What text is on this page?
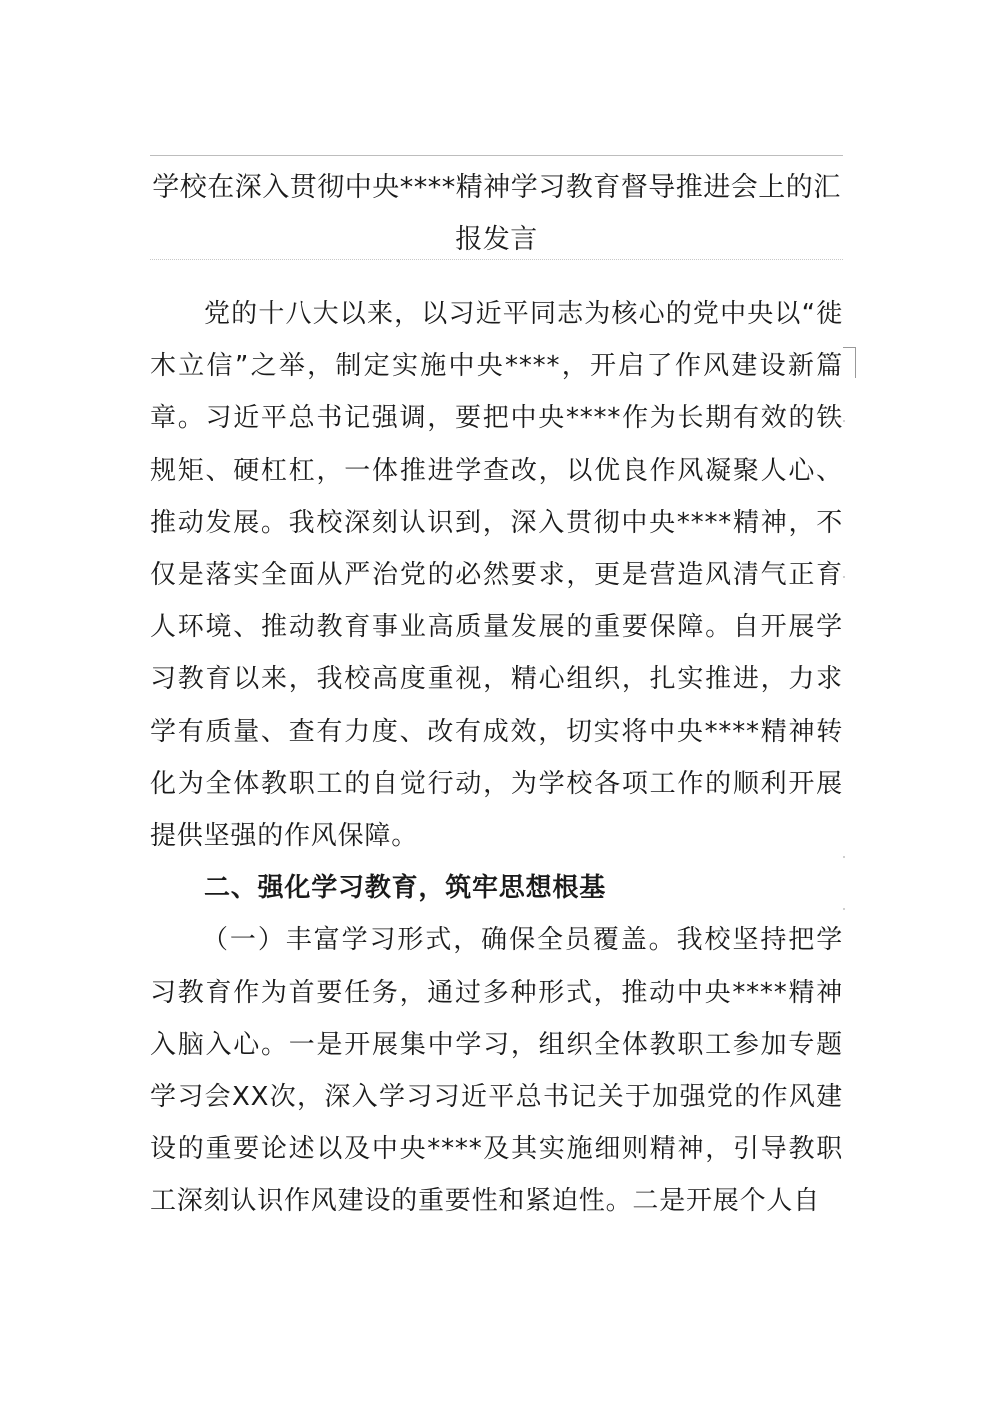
学校在深入贯彻中央****精神学习教育督导推进会上的汇报发言

党的十八大以来，以习近平同志为核心的党中央以“徙木立信”之举，制定实施中央****，开启了作风建设新篇章。习近平总书记强调，要把中央****作为长期有效的铁规矩、硬杠杠，一体推进学查改，以优良作风凝聚人心、推动发展。我校深刻认识到，深入贯彻中央****精神，不仅是落实全面从严治党的必然要求，更是营造风清气正育人环境、推动教育事业高质量发展的重要保障。自开展学习教育以来，我校高度重视，精心组织，扎实推进，力求学有质量、查有力度、改有成效，切实将中央****精神转化为全体教职工的自觉行动，为学校各项工作的顺利开展提供坚强的作风保障。

二、强化学习教育，筑牢思想根基

（一）丰富学习形式，确保全员覆盖。我校坚持把学习教育作为首要任务，通过多种形式，推动中央****精神入脑入心。一是开展集中学习，组织全体教职工参加专题学习会XX次，深入学习习近平总书记关于加强党的作风建设的重要论述以及中央****及其实施细则精神，引导教职工深刻认识作风建设的重要性和紧迫性。二是开展个人自
